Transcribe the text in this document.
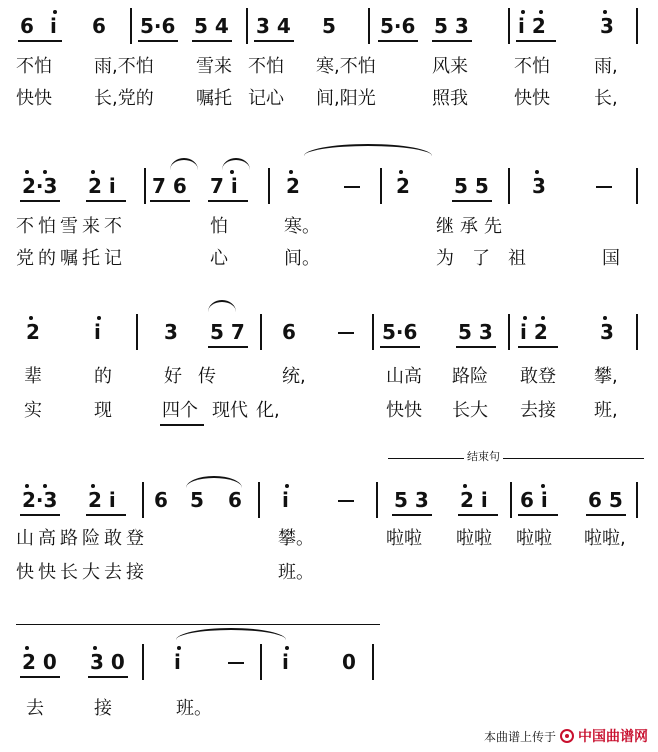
6 i 6 5·6 5 4 3 4 5 5·6 5 3 i 2	3
不怕 雨,不怕 雪来 不怕 寒,不怕	风来	不怕 雨,
快快 长,党的 嘱托 记心 间,阳光	照我	快快 长,
2·3 2 i 7 6 7 i 2	2 5 5 3
不怕雪来不	怕	寒。	继承先
党的嘱托记	心	间。	为了祖	国
2	i	3 5 7 6	5·6 5 3 i 2	3
辈	的	好传	统,	山高 路险 敢登 攀,
实	现	四个 现代 化,	快快 长大 去接 班,
结束句
2·3 2 i 6 5 6 i	5 3 2 i 6 i 6 5
山高路险敢登	攀。	啦啦 啦啦 啦啦 啦啦,
快快长大去接	班。
2 0 3 0 i	i	0
去	接	班。
本曲谱上传于 中国曲谱网
